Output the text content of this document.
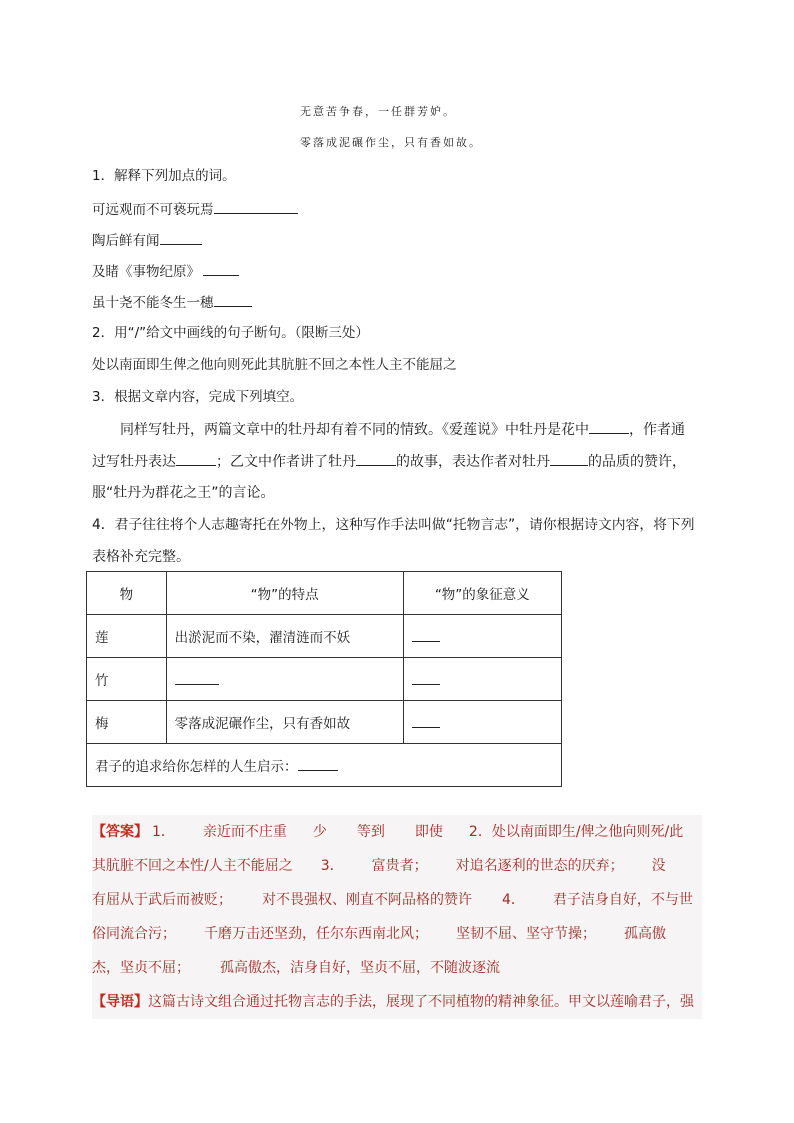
无意苦争春，一任群芳妒。
零落成泥碾作尘，只有香如故。
1．解释下列加点的词。
可远观而不可亵玩焉
陶后鲜有闻
及睹《事物纪原》
虽十尧不能冬生一穗
2．用“/”给文中画线的句子断句。（限断三处）
处以南面即生俾之他向则死此其肮脏不回之本性人主不能屈之
3．根据文章内容，完成下列填空。
同样写牡丹，两篇文章中的牡丹却有着不同的情致。《爱莲说》中牡丹是花中	，作者通
过写牡丹表达	；乙文中作者讲了牡丹	的故事，表达作者对牡丹	的品质的赞许，
服“牡丹为群花之王”的言论。
4．君子往往将个人志趣寄托在外物上，这种写作手法叫做“托物言志”，请你根据诗文内容，将下列
表格补充完整。
物	“物”的特点	“物”的象征意义
莲	出淤泥而不染，濯清涟而不妖	
竹		
梅	零落成泥碾作尘，只有香如故	
君子的追求给你怎样的人生启示：		
【答案】 1． 亲近而不庄重 少 等到 即使 2．处以南面即生/俾之他向则死/此
其肮脏不回之本性/人主不能屈之 3． 富贵者； 对追名逐利的世态的厌弃； 没
有屈从于武后而被贬； 对不畏强权、刚直不阿品格的赞许 4． 君子洁身自好，不与世
俗同流合污； 千磨万击还坚劲，任尔东西南北风； 坚韧不屈、坚守节操； 孤高傲
杰，坚贞不屈； 孤高傲杰，洁身自好，坚贞不屈，不随波逐流
【导语】这篇古诗文组合通过托物言志的手法，展现了不同植物的精神象征。甲文以莲喻君子，强
